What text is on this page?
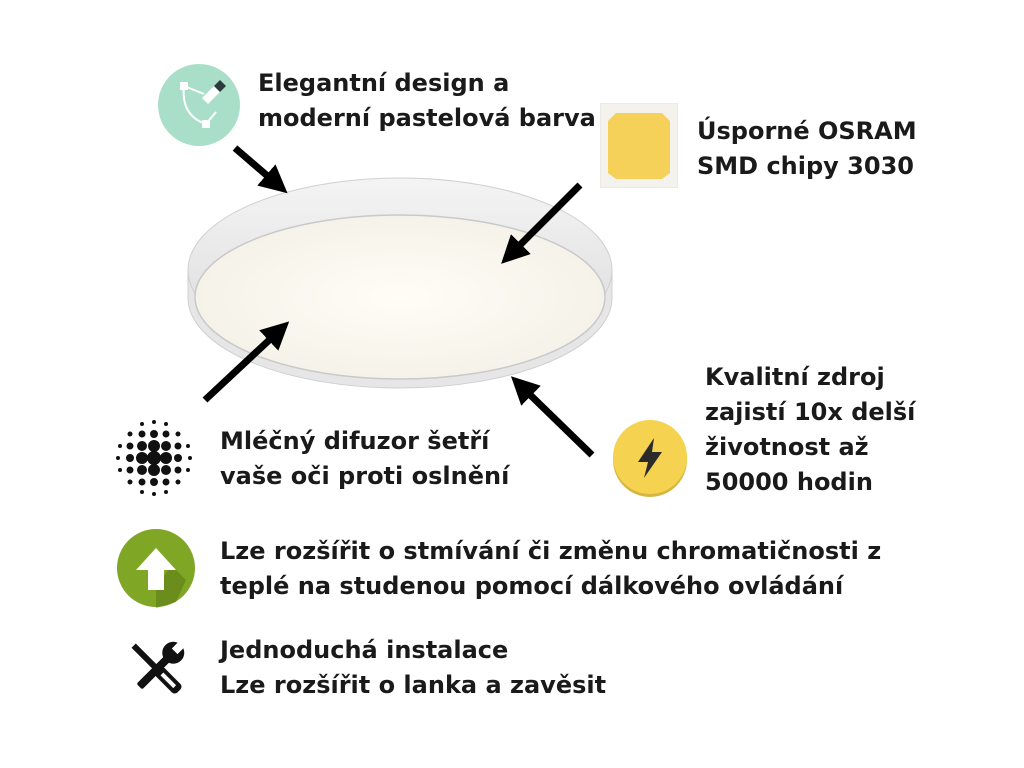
Elegantní design a
moderní pastelová barva	Úsporné OSRAM
SMD chipy 3030
Mléčný difuzor šetří
vaše oči proti oslnění
Kvalitní zdroj
zajistí 10x delší
životnost až
50000 hodin
Lze rozšířit o stmívání či změnu chromatičnosti z
teplé na studenou pomocí dálkového ovládání
Jednoduchá instalace
Lze rozšířit o lanka a zavěsit
